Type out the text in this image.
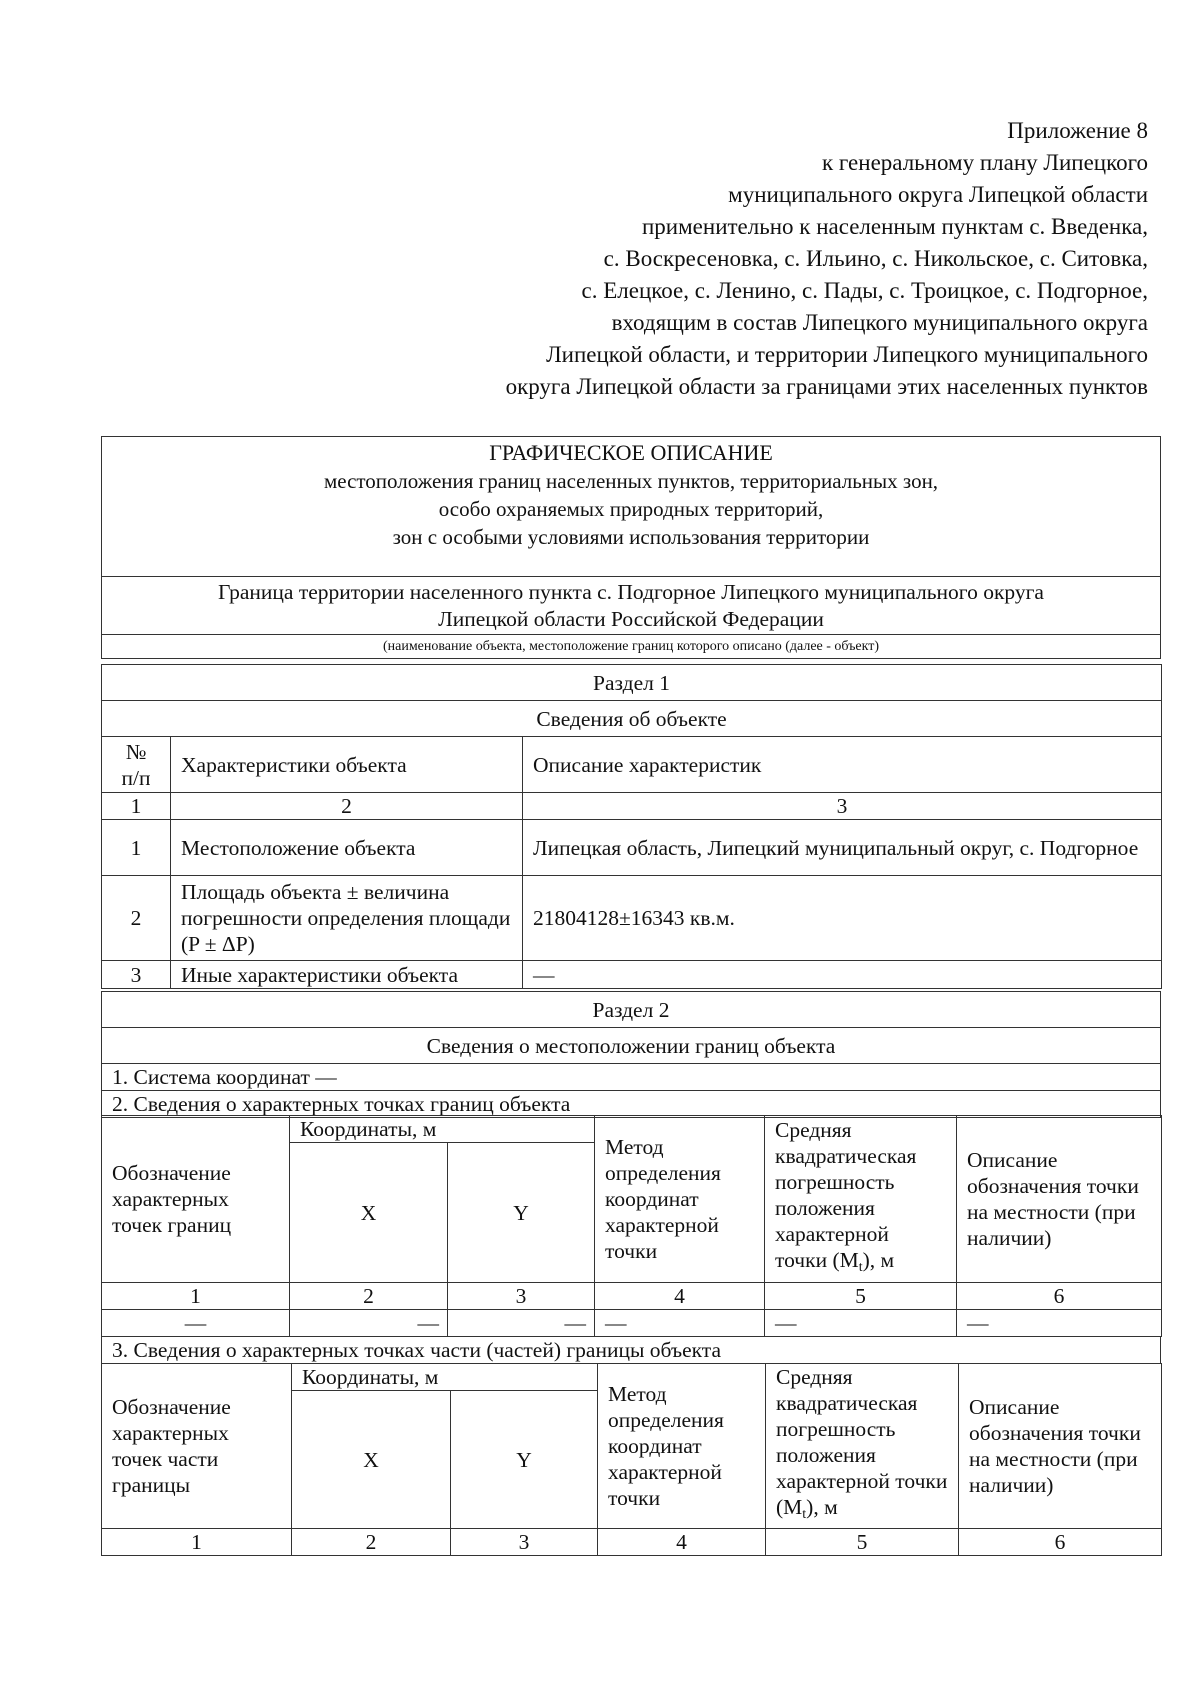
Приложение 8
к генеральному плану Липецкого
муниципального округа Липецкой области
применительно к населенным пунктам с. Введенка,
с. Воскресеновка, с. Ильино, с. Никольское, с. Ситовка,
с. Елецкое, с. Ленино, с. Пады, с. Троицкое, с. Подгорное,
входящим в состав Липецкого муниципального округа
Липецкой области, и территории Липецкого муниципального
округа Липецкой области за границами этих населенных пунктов
ГРАФИЧЕСКОЕ ОПИСАНИЕ
местоположения границ населенных пунктов, территориальных зон,
особо охраняемых природных территорий,
зон с особыми условиями использования территории

Граница территории населенного пункта с. Подгорное Липецкого муниципального округа
Липецкой области Российской Федерации

(наименование объекта, местоположение границ которого описано (далее - объект)
Раздел 1		
Сведения об объекте		

№
п/п	Характеристики объекта	Описание характеристик
1	2	3
1	Местоположение объекта	Липецкая область, Липецкий муниципальный округ, с. Подгорное
2	Площадь объекта ± величина погрешности определения площади (P ± ΔP)	21804128±16343 кв.м.
3	Иные характеристики объекта	—
Раздел 2
Сведения о местоположении границ объекта
1. Система координат —
2. Сведения о характерных точках границ объекта
Обозначение характерных точек границ	Координаты, м		Метод определения координат характерной точки	Средняя квадратическая погрешность положения характерной точки $(M_t)$, м	Описание обозначения точки на местности (при наличии)
	X	Y			
1	2	3	4	5	6
—	—	—	—	—	—
3. Сведения о характерных точках части (частей) границы объекта
Обозначение характерных точек части границы	Координаты, м		Метод определения координат характерной точки	Средняя квадратическая погрешность положения характерной точки $(M_t)$, м	Описание обозначения точки на местности (при наличии)
	X	Y			
1	2	3	4	5	6
